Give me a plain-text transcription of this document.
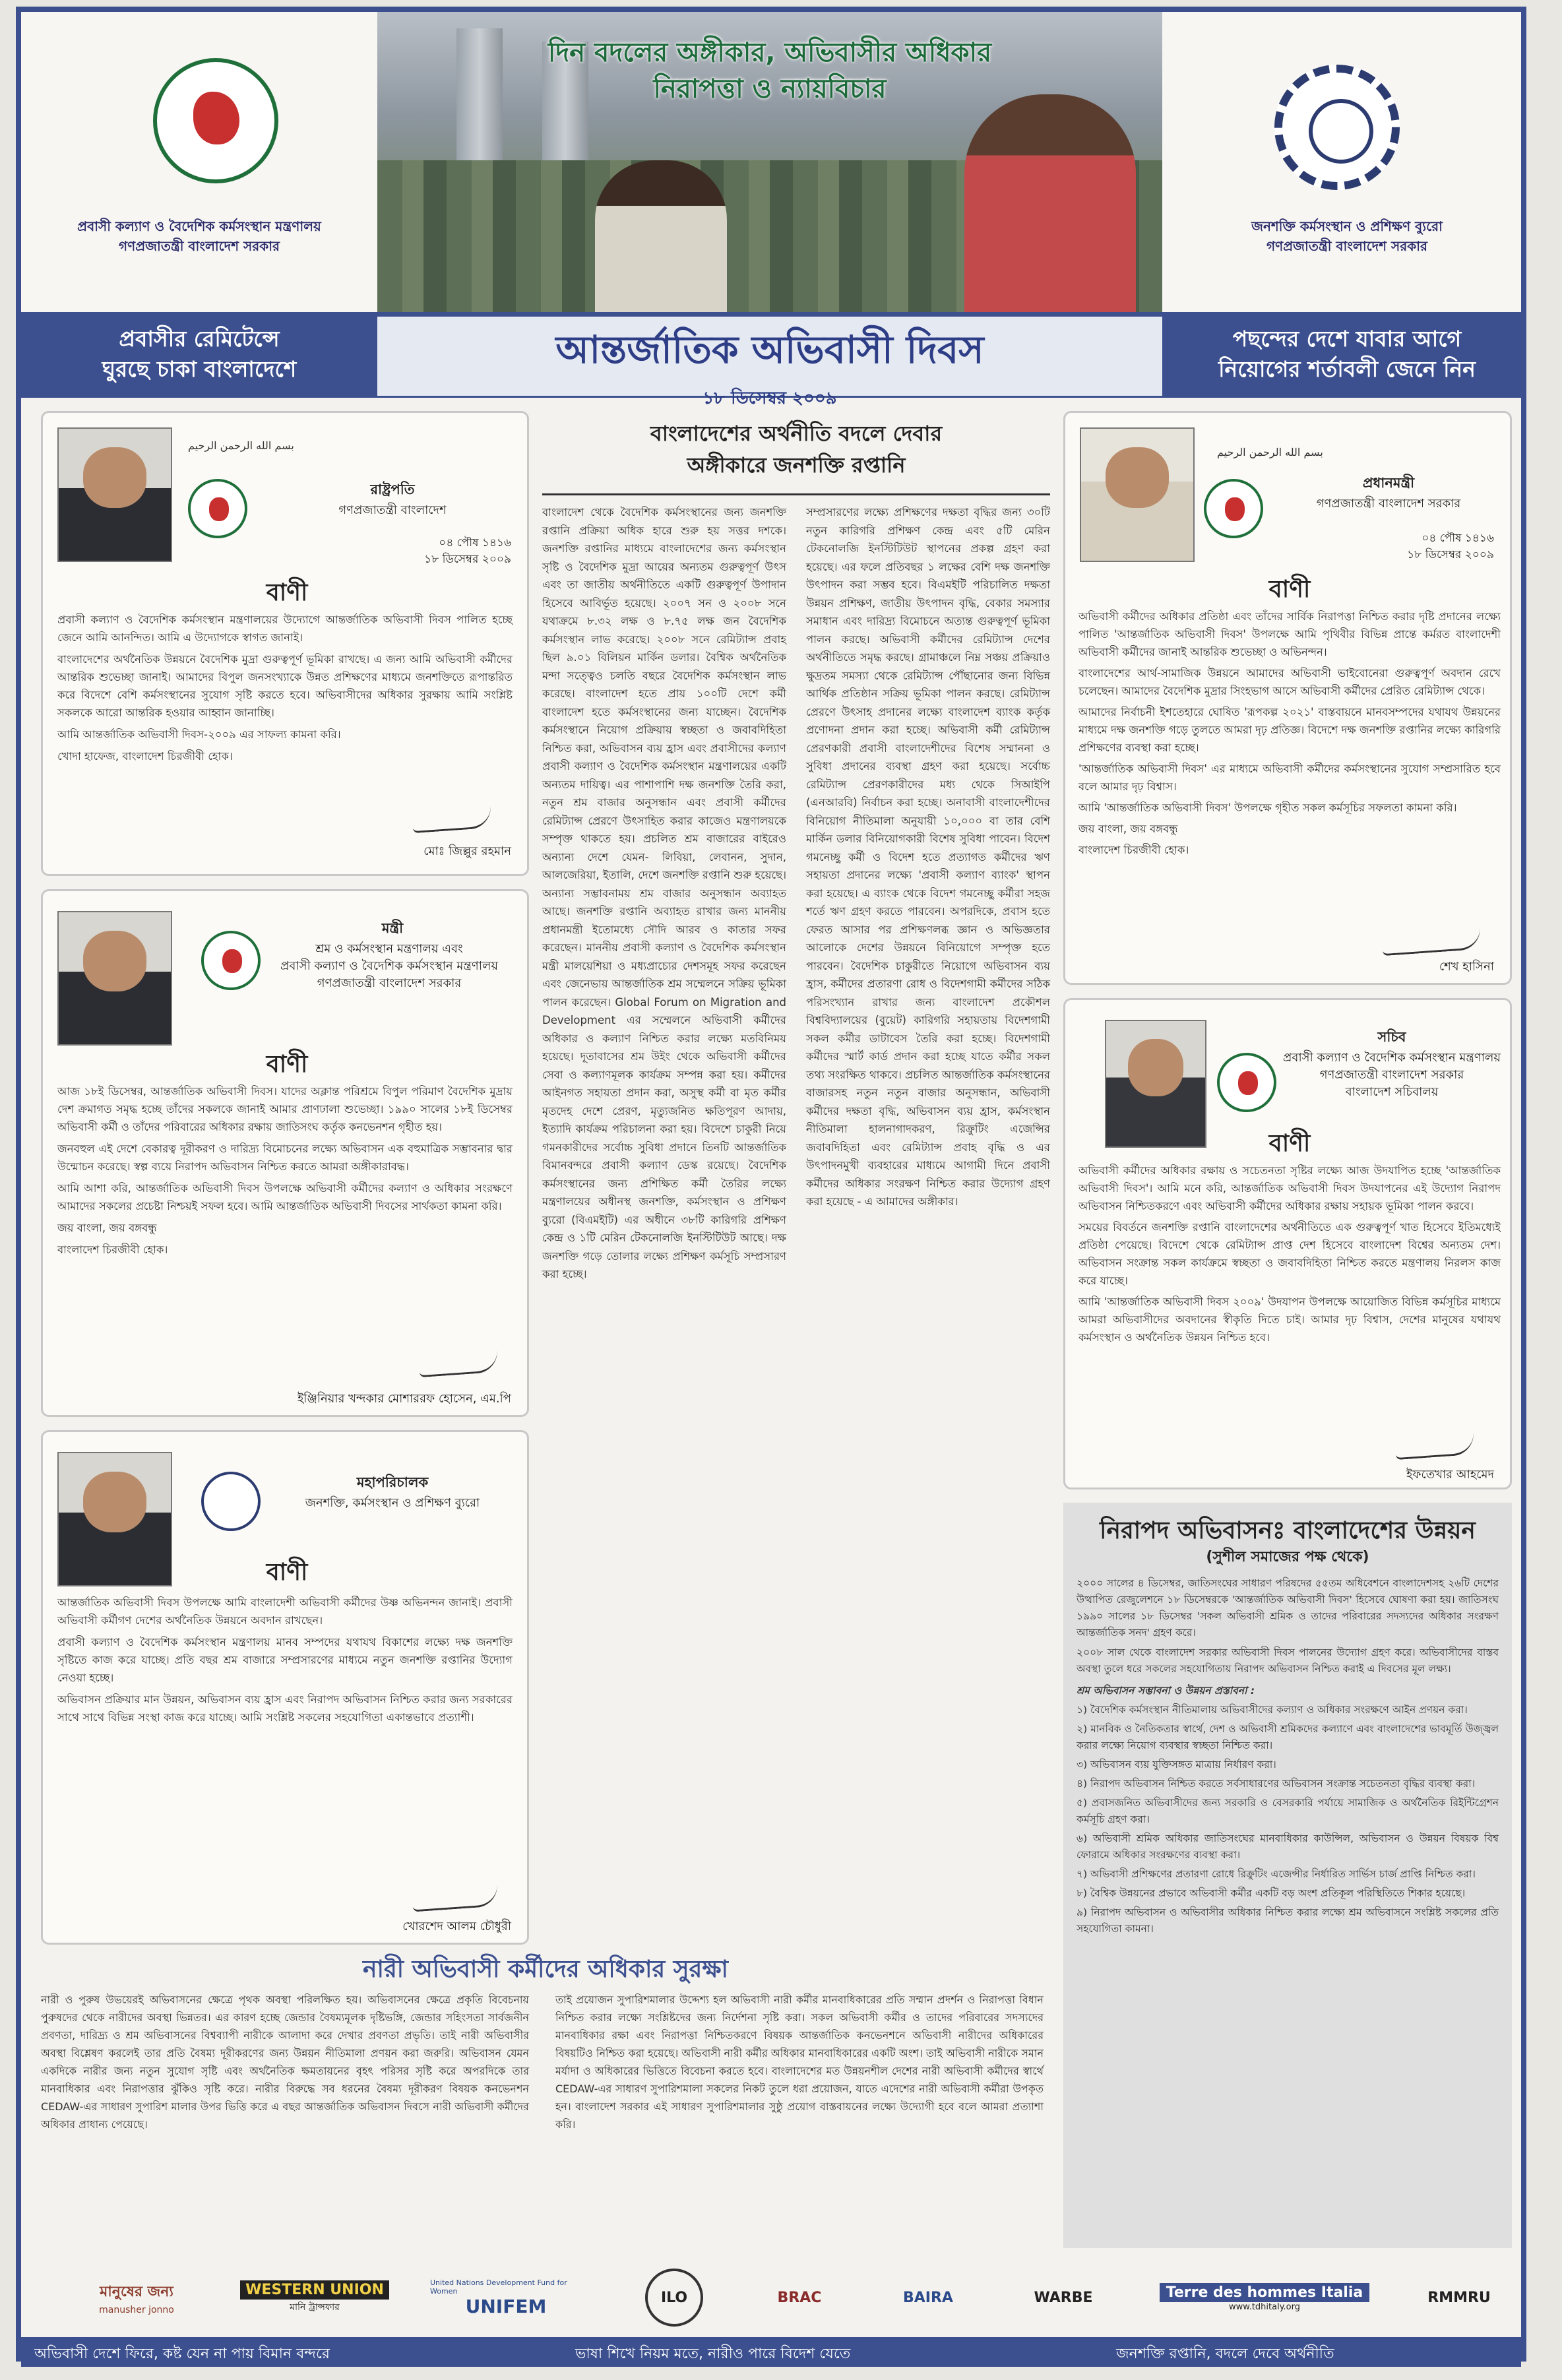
প্রবাসী কল্যাণ ও বৈদেশিক কর্মসংস্থান মন্ত্রণালয়
গণপ্রজাতন্ত্রী বাংলাদেশ সরকার
দিন বদলের অঙ্গীকার, অভিবাসীর অধিকার
নিরাপত্তা ও ন্যায়বিচার
জনশক্তি কর্মসংস্থান ও প্রশিক্ষণ ব্যুরো
গণপ্রজাতন্ত্রী বাংলাদেশ সরকার
প্রবাসীর রেমিটেন্সে
ঘুরছে চাকা বাংলাদেশে
পছন্দের দেশে যাবার আগে
নিয়োগের শর্তাবলী জেনে নিন
আন্তর্জাতিক অভিবাসী দিবস
১৮ ডিসেম্বর ২০০৯
بسم الله الرحمن الرحيم
রাষ্ট্রপতি
গণপ্রজাতন্ত্রী বাংলাদেশ
০৪ পৌষ ১৪১৬
১৮ ডিসেম্বর ২০০৯
বাণী

প্রবাসী কল্যাণ ও বৈদেশিক কর্মসংস্থান মন্ত্রণালয়ের উদ্যোগে আন্তর্জাতিক অভিবাসী দিবস পালিত হচ্ছে জেনে আমি আনন্দিত। আমি এ উদ্যোগকে স্বাগত জানাই।

বাংলাদেশের অর্থনৈতিক উন্নয়নে বৈদেশিক মুদ্রা গুরুত্বপূর্ণ ভূমিকা রাখছে। এ জন্য আমি অভিবাসী কর্মীদের আন্তরিক শুভেচ্ছা জানাই। আমাদের বিপুল জনসংখ্যাকে উন্নত প্রশিক্ষণের মাধ্যমে জনশক্তিতে রূপান্তরিত করে বিদেশে বেশি কর্মসংস্থানের সুযোগ সৃষ্টি করতে হবে। অভিবাসীদের অধিকার সুরক্ষায় আমি সংশ্লিষ্ট সকলকে আরো আন্তরিক হওয়ার আহ্বান জানাচ্ছি।

আমি আন্তর্জাতিক অভিবাসী দিবস-২০০৯ এর সাফল্য কামনা করি।

খোদা হাফেজ, বাংলাদেশ চিরজীবী হোক।

মোঃ জিল্লুর রহমান
মন্ত্রী
শ্রম ও কর্মসংস্থান মন্ত্রণালয় এবং
প্রবাসী কল্যাণ ও বৈদেশিক কর্মসংস্থান মন্ত্রণালয়
গণপ্রজাতন্ত্রী বাংলাদেশ সরকার
বাণী

আজ ১৮ই ডিসেম্বর, আন্তর্জাতিক অভিবাসী দিবস। যাদের অক্লান্ত পরিশ্রমে বিপুল পরিমাণ বৈদেশিক মুদ্রায় দেশ ক্রমাগত সমৃদ্ধ হচ্ছে তাঁদের সকলকে জানাই আমার প্রাণঢালা শুভেচ্ছা। ১৯৯০ সালের ১৮ই ডিসেম্বর অভিবাসী কর্মী ও তাঁদের পরিবারের অধিকার রক্ষায় জাতিসংঘ কর্তৃক কনভেনশন গৃহীত হয়।

জনবহুল এই দেশে বেকারত্ব দূরীকরণ ও দারিদ্র্য বিমোচনের লক্ষ্যে অভিবাসন এক বহুমাত্রিক সম্ভাবনার দ্বার উন্মোচন করেছে। স্বল্প ব্যয়ে নিরাপদ অভিবাসন নিশ্চিত করতে আমরা অঙ্গীকারাবদ্ধ।

আমি আশা করি, আন্তর্জাতিক অভিবাসী দিবস উপলক্ষে অভিবাসী কর্মীদের কল্যাণ ও অধিকার সংরক্ষণে আমাদের সকলের প্রচেষ্টা নিশ্চয়ই সফল হবে। আমি আন্তর্জাতিক অভিবাসী দিবসের সার্থকতা কামনা করি।

জয় বাংলা, জয় বঙ্গবন্ধু

বাংলাদেশ চিরজীবী হোক।

ইঞ্জিনিয়ার খন্দকার মোশাররফ হোসেন, এম.পি
মহাপরিচালক
জনশক্তি, কর্মসংস্থান ও প্রশিক্ষণ ব্যুরো
বাণী

আন্তর্জাতিক অভিবাসী দিবস উপলক্ষে আমি বাংলাদেশী অভিবাসী কর্মীদের উষ্ণ অভিনন্দন জানাই। প্রবাসী অভিবাসী কর্মীগণ দেশের অর্থনৈতিক উন্নয়নে অবদান রাখছেন।

প্রবাসী কল্যাণ ও বৈদেশিক কর্মসংস্থান মন্ত্রণালয় মানব সম্পদের যথাযথ বিকাশের লক্ষ্যে দক্ষ জনশক্তি সৃষ্টিতে কাজ করে যাচ্ছে। প্রতি বছর শ্রম বাজারে সম্প্রসারণের মাধ্যমে নতুন জনশক্তি রপ্তানির উদ্যোগ নেওয়া হচ্ছে।

অভিবাসন প্রক্রিয়ার মান উন্নয়ন, অভিবাসন ব্যয় হ্রাস এবং নিরাপদ অভিবাসন নিশ্চিত করার জন্য সরকারের সাথে সাথে বিভিন্ন সংস্থা কাজ করে যাচ্ছে। আমি সংশ্লিষ্ট সকলের সহযোগিতা একান্তভাবে প্রত্যাশী।

খোরশেদ আলম চৌধুরী
বাংলাদেশের অর্থনীতি বদলে দেবার
অঙ্গীকারে জনশক্তি রপ্তানি
বাংলাদেশ থেকে বৈদেশিক কর্মসংস্থানের জন্য জনশক্তি রপ্তানি প্রক্রিয়া অধিক হারে শুরু হয় সত্তর দশকে। জনশক্তি রপ্তানির মাধ্যমে বাংলাদেশের জন্য কর্মসংস্থান সৃষ্টি ও বৈদেশিক মুদ্রা আয়ের অন্যতম গুরুত্বপূর্ণ উৎস এবং তা জাতীয় অর্থনীতিতে একটি গুরুত্বপূর্ণ উপাদান হিসেবে আবির্ভূত হয়েছে। ২০০৭ সন ও ২০০৮ সনে যথাক্রমে ৮.৩২ লক্ষ ও ৮.৭৫ লক্ষ জন বৈদেশিক কর্মসংস্থান লাভ করেছে। ২০০৮ সনে রেমিট্যান্স প্রবাহ ছিল ৯.০১ বিলিয়ন মার্কিন ডলার। বৈশ্বিক অর্থনৈতিক মন্দা সত্ত্বেও চলতি বছরে বৈদেশিক কর্মসংস্থান লাভ করেছে। বাংলাদেশ হতে প্রায় ১০০টি দেশে কর্মী বাংলাদেশ হতে কর্মসংস্থানের জন্য যাচ্ছেন। বৈদেশিক কর্মসংস্থানে নিয়োগ প্রক্রিয়ায় স্বচ্ছতা ও জবাবদিহিতা নিশ্চিত করা, অভিবাসন ব্যয় হ্রাস এবং প্রবাসীদের কল্যাণ প্রবাসী কল্যাণ ও বৈদেশিক কর্মসংস্থান মন্ত্রণালয়ের একটি অন্যতম দায়িত্ব। এর পাশাপাশি দক্ষ জনশক্তি তৈরি করা, নতুন শ্রম বাজার অনুসন্ধান এবং প্রবাসী কর্মীদের রেমিট্যান্স প্রেরণে উৎসাহিত করার কাজেও মন্ত্রণালয়কে সম্পৃক্ত থাকতে হয়। প্রচলিত শ্রম বাজারের বাইরেও অন্যান্য দেশে যেমন- লিবিয়া, লেবানন, সুদান, আলজেরিয়া, ইতালি, দেশে জনশক্তি রপ্তানি শুরু হয়েছে। অন্যান্য সম্ভাবনাময় শ্রম বাজার অনুসন্ধান অব্যাহত আছে। জনশক্তি রপ্তানি অব্যাহত রাখার জন্য মাননীয় প্রধানমন্ত্রী ইতোমধ্যে সৌদি আরব ও কাতার সফর করেছেন। মাননীয় প্রবাসী কল্যাণ ও বৈদেশিক কর্মসংস্থান মন্ত্রী মালয়েশিয়া ও মধ্যপ্রাচ্যের দেশসমূহ সফর করেছেন এবং জেনেভায় আন্তর্জাতিক শ্রম সম্মেলনে সক্রিয় ভূমিকা পালন করেছেন। Global Forum on Migration and Development এর সম্মেলনে অভিবাসী কর্মীদের অধিকার ও কল্যাণ নিশ্চিত করার লক্ষ্যে মতবিনিময় হয়েছে। দূতাবাসের শ্রম উইং থেকে অভিবাসী কর্মীদের সেবা ও কল্যাণমূলক কার্যক্রম সম্পন্ন করা হয়। কর্মীদের আইনগত সহায়তা প্রদান করা, অসুস্থ কর্মী বা মৃত কর্মীর মৃতদেহ দেশে প্রেরণ, মৃত্যুজনিত ক্ষতিপূরণ আদায়, ইত্যাদি কার্যক্রম পরিচালনা করা হয়। বিদেশে চাকুরী নিয়ে গমনকারীদের সর্বোচ্চ সুবিধা প্রদানে তিনটি আন্তর্জাতিক বিমানবন্দরে প্রবাসী কল্যাণ ডেস্ক রয়েছে। বৈদেশিক কর্মসংস্থানের জন্য প্রশিক্ষিত কর্মী তৈরির লক্ষ্যে মন্ত্রণালয়ের অধীনস্থ জনশক্তি, কর্মসংস্থান ও প্রশিক্ষণ ব্যুরো (বিএমইটি) এর অধীনে ৩৮টি কারিগরি প্রশিক্ষণ কেন্দ্র ও ১টি মেরিন টেকনোলজি ইনস্টিটিউট আছে। দক্ষ জনশক্তি গড়ে তোলার লক্ষ্যে প্রশিক্ষণ কর্মসূচি সম্প্রসারণ করা হচ্ছে।
সম্প্রসারণের লক্ষ্যে প্রশিক্ষণের দক্ষতা বৃদ্ধির জন্য ৩০টি নতুন কারিগরি প্রশিক্ষণ কেন্দ্র এবং ৫টি মেরিন টেকনোলজি ইনস্টিটিউট স্থাপনের প্রকল্প গ্রহণ করা হয়েছে। এর ফলে প্রতিবছর ১ লক্ষের বেশি দক্ষ জনশক্তি উৎপাদন করা সম্ভব হবে। বিএমইটি পরিচালিত দক্ষতা উন্নয়ন প্রশিক্ষণ, জাতীয় উৎপাদন বৃদ্ধি, বেকার সমস্যার সমাধান এবং দারিদ্র্য বিমোচনে অত্যন্ত গুরুত্বপূর্ণ ভূমিকা পালন করছে। অভিবাসী কর্মীদের রেমিট্যান্স দেশের অর্থনীতিতে সমৃদ্ধ করছে। গ্রামাঞ্চলে নিম্ন সঞ্চয় প্রক্রিয়াও ক্ষুদ্রতম সমস্যা থেকে রেমিট্যান্স পৌঁছানোর জন্য বিভিন্ন আর্থিক প্রতিষ্ঠান সক্রিয় ভূমিকা পালন করছে। রেমিট্যান্স প্রেরণে উৎসাহ প্রদানের লক্ষ্যে বাংলাদেশ ব্যাংক কর্তৃক প্রণোদনা প্রদান করা হচ্ছে। অভিবাসী কর্মী রেমিট্যান্স প্রেরণকারী প্রবাসী বাংলাদেশীদের বিশেষ সম্মাননা ও সুবিধা প্রদানের ব্যবস্থা গ্রহণ করা হয়েছে। সর্বোচ্চ রেমিট্যান্স প্রেরণকারীদের মধ্য থেকে সিআইপি (এনআরবি) নির্বাচন করা হচ্ছে। অনাবাসী বাংলাদেশীদের বিনিয়োগ নীতিমালা অনুযায়ী ১০,০০০ বা তার বেশি মার্কিন ডলার বিনিয়োগকারী বিশেষ সুবিধা পাবেন। বিদেশ গমনেচ্ছু কর্মী ও বিদেশ হতে প্রত্যাগত কর্মীদের ঋণ সহায়তা প্রদানের লক্ষ্যে 'প্রবাসী কল্যাণ ব্যাংক' স্থাপন করা হয়েছে। এ ব্যাংক থেকে বিদেশ গমনেচ্ছু কর্মীরা সহজ শর্তে ঋণ গ্রহণ করতে পারবেন। অপরদিকে, প্রবাস হতে ফেরত আসার পর প্রশিক্ষণলব্ধ জ্ঞান ও অভিজ্ঞতার আলোকে দেশের উন্নয়নে বিনিয়োগে সম্পৃক্ত হতে পারবেন। বৈদেশিক চাকুরীতে নিয়োগে অভিবাসন ব্যয় হ্রাস, কর্মীদের প্রতারণা রোধ ও বিদেশগামী কর্মীদের সঠিক পরিসংখ্যান রাখার জন্য বাংলাদেশ প্রকৌশল বিশ্ববিদ্যালয়ের (বুয়েট) কারিগরি সহায়তায় বিদেশগামী সকল কর্মীর ডাটাবেস তৈরি করা হচ্ছে। বিদেশগামী কর্মীদের স্মার্ট কার্ড প্রদান করা হচ্ছে যাতে কর্মীর সকল তথ্য সংরক্ষিত থাকবে। প্রচলিত আন্তর্জাতিক কর্মসংস্থানের বাজারসহ নতুন নতুন বাজার অনুসন্ধান, অভিবাসী কর্মীদের দক্ষতা বৃদ্ধি, অভিবাসন ব্যয় হ্রাস, কর্মসংস্থান নীতিমালা হালনাগাদকরণ, রিক্রুটিং এজেন্সির জবাবদিহিতা এবং রেমিট্যান্স প্রবাহ বৃদ্ধি ও এর উৎপাদনমুখী ব্যবহারের মাধ্যমে আগামী দিনে প্রবাসী কর্মীদের অধিকার সংরক্ষণ নিশ্চিত করার উদ্যোগ গ্রহণ করা হয়েছে - এ আমাদের অঙ্গীকার।
بسم الله الرحمن الرحيم
প্রধানমন্ত্রী
গণপ্রজাতন্ত্রী বাংলাদেশ সরকার
০৪ পৌষ ১৪১৬
১৮ ডিসেম্বর ২০০৯
বাণী

অভিবাসী কর্মীদের অধিকার প্রতিষ্ঠা এবং তাঁদের সার্বিক নিরাপত্তা নিশ্চিত করার দৃষ্টি প্রদানের লক্ষ্যে পালিত 'আন্তর্জাতিক অভিবাসী দিবস' উপলক্ষে আমি পৃথিবীর বিভিন্ন প্রান্তে কর্মরত বাংলাদেশী অভিবাসী কর্মীদের জানাই আন্তরিক শুভেচ্ছা ও অভিনন্দন।

বাংলাদেশের আর্থ-সামাজিক উন্নয়নে আমাদের অভিবাসী ভাইবোনেরা গুরুত্বপূর্ণ অবদান রেখে চলেছেন। আমাদের বৈদেশিক মুদ্রার সিংহভাগ আসে অভিবাসী কর্মীদের প্রেরিত রেমিট্যান্স থেকে।

আমাদের নির্বাচনী ইশতেহারে ঘোষিত 'রূপকল্প ২০২১' বাস্তবায়নে মানবসম্পদের যথাযথ উন্নয়নের মাধ্যমে দক্ষ জনশক্তি গড়ে তুলতে আমরা দৃঢ় প্রতিজ্ঞ। বিদেশে দক্ষ জনশক্তি রপ্তানির লক্ষ্যে কারিগরি প্রশিক্ষণের ব্যবস্থা করা হচ্ছে।

'আন্তর্জাতিক অভিবাসী দিবস' এর মাধ্যমে অভিবাসী কর্মীদের কর্মসংস্থানের সুযোগ সম্প্রসারিত হবে বলে আমার দৃঢ় বিশ্বাস।

আমি 'আন্তর্জাতিক অভিবাসী দিবস' উপলক্ষে গৃহীত সকল কর্মসূচির সফলতা কামনা করি।

জয় বাংলা, জয় বঙ্গবন্ধু

বাংলাদেশ চিরজীবী হোক।

শেখ হাসিনা
সচিব
প্রবাসী কল্যাণ ও বৈদেশিক কর্মসংস্থান মন্ত্রণালয়
গণপ্রজাতন্ত্রী বাংলাদেশ সরকার
বাংলাদেশ সচিবালয়
বাণী

অভিবাসী কর্মীদের অধিকার রক্ষায় ও সচেতনতা সৃষ্টির লক্ষ্যে আজ উদযাপিত হচ্ছে 'আন্তর্জাতিক অভিবাসী দিবস'। আমি মনে করি, আন্তর্জাতিক অভিবাসী দিবস উদযাপনের এই উদ্যোগ নিরাপদ অভিবাসন নিশ্চিতকরণে এবং অভিবাসী কর্মীদের অধিকার রক্ষায় সহায়ক ভূমিকা পালন করবে।

সময়ের বিবর্তনে জনশক্তি রপ্তানি বাংলাদেশের অর্থনীতিতে এক গুরুত্বপূর্ণ খাত হিসেবে ইতিমধ্যেই প্রতিষ্ঠা পেয়েছে। বিদেশে থেকে রেমিট্যান্স প্রাপ্ত দেশ হিসেবে বাংলাদেশ বিশ্বের অন্যতম দেশ। অভিবাসন সংক্রান্ত সকল কার্যক্রমে স্বচ্ছতা ও জবাবদিহিতা নিশ্চিত করতে মন্ত্রণালয় নিরলস কাজ করে যাচ্ছে।

আমি 'আন্তর্জাতিক অভিবাসী দিবস ২০০৯' উদযাপন উপলক্ষে আয়োজিত বিভিন্ন কর্মসূচির মাধ্যমে আমরা অভিবাসীদের অবদানের স্বীকৃতি দিতে চাই। আমার দৃঢ় বিশ্বাস, দেশের মানুষের যথাযথ কর্মসংস্থান ও অর্থনৈতিক উন্নয়ন নিশ্চিত হবে।

ইফতেখার আহমেদ
নিরাপদ অভিবাসনঃ বাংলাদেশের উন্নয়ন
(সুশীল সমাজের পক্ষ থেকে)

২০০০ সালের ৪ ডিসেম্বর, জাতিসংঘের সাধারণ পরিষদের ৫৫তম অধিবেশনে বাংলাদেশসহ ২৬টি দেশের উত্থাপিত রেজুলেশনে ১৮ ডিসেম্বরকে 'আন্তর্জাতিক অভিবাসী দিবস' হিসেবে ঘোষণা করা হয়। জাতিসংঘ ১৯৯০ সালের ১৮ ডিসেম্বর 'সকল অভিবাসী শ্রমিক ও তাদের পরিবারের সদস্যদের অধিকার সংরক্ষণ আন্তর্জাতিক সনদ' গ্রহণ করে।

২০০৮ সাল থেকে বাংলাদেশ সরকার অভিবাসী দিবস পালনের উদ্যোগ গ্রহণ করে। অভিবাসীদের বাস্তব অবস্থা তুলে ধরে সকলের সহযোগিতায় নিরাপদ অভিবাসন নিশ্চিত করাই এ দিবসের মূল লক্ষ্য।

শ্রম অভিবাসন সম্ভাবনা ও উন্নয়ন প্রস্তাবনা :

১) বৈদেশিক কর্মসংস্থান নীতিমালায় অভিবাসীদের কল্যাণ ও অধিকার সংরক্ষণে আইন প্রণয়ন করা।

২) মানবিক ও নৈতিকতার স্বার্থে, দেশ ও অভিবাসী শ্রমিকদের কল্যাণে এবং বাংলাদেশের ভাবমূর্তি উজ্জ্বল করার লক্ষ্যে নিয়োগ ব্যবস্থার স্বচ্ছতা নিশ্চিত করা।

৩) অভিবাসন ব্যয় যুক্তিসঙ্গত মাত্রায় নির্ধারণ করা।

৪) নিরাপদ অভিবাসন নিশ্চিত করতে সর্বসাধারণের অভিবাসন সংক্রান্ত সচেতনতা বৃদ্ধির ব্যবস্থা করা।

৫) প্রবাসজনিত অভিবাসীদের জন্য সরকারি ও বেসরকারি পর্যায়ে সামাজিক ও অর্থনৈতিক রিইন্টিগ্রেশন কর্মসূচি গ্রহণ করা।

৬) অভিবাসী শ্রমিক অধিকার জাতিসংঘের মানবাধিকার কাউন্সিল, অভিবাসন ও উন্নয়ন বিষয়ক বিশ্ব ফোরামে অধিকার সংরক্ষণের ব্যবস্থা করা।

৭) অভিবাসী প্রশিক্ষণের প্রতারণা রোধে রিক্রুটিং এজেন্সীর নির্ধারিত সার্ভিস চার্জ প্রাপ্তি নিশ্চিত করা।

৮) বৈশ্বিক উন্নয়নের প্রভাবে অভিবাসী কর্মীর একটি বড় অংশ প্রতিকূল পরিস্থিতিতে শিকার হয়েছে।

৯) নিরাপদ অভিবাসন ও অভিবাসীর অধিকার নিশ্চিত করার লক্ষ্যে শ্রম অভিবাসনে সংশ্লিষ্ট সকলের প্রতি সহযোগিতা কামনা।

নারী অভিবাসী কর্মীদের অধিকার সুরক্ষা
নারী ও পুরুষ উভয়েরই অভিবাসনের ক্ষেত্রে পৃথক অবস্থা পরিলক্ষিত হয়। অভিবাসনের ক্ষেত্রে প্রকৃতি বিবেচনায় পুরুষদের থেকে নারীদের অবস্থা ভিন্নতর। এর কারণ হচ্ছে জেন্ডার বৈষম্যমূলক দৃষ্টিভঙ্গি, জেন্ডার সহিংসতা সার্বজনীন প্রবণতা, দারিদ্র্য ও শ্রম অভিবাসনের বিশ্বব্যাপী নারীকে আলাদা করে দেখার প্রবণতা প্রভৃতি। তাই নারী অভিবাসীর অবস্থা বিশ্লেষণ করলেই তার প্রতি বৈষম্য দূরীকরণের জন্য উন্নয়ন নীতিমালা প্রণয়ন করা জরুরি। অভিবাসন যেমন একদিকে নারীর জন্য নতুন সুযোগ সৃষ্টি এবং অর্থনৈতিক ক্ষমতায়নের বৃহৎ পরিসর সৃষ্টি করে অপরদিকে তার মানবাধিকার এবং নিরাপত্তার ঝুঁকিও সৃষ্টি করে। নারীর বিরুদ্ধে সব ধরনের বৈষম্য দূরীকরণ বিষয়ক কনভেনশন CEDAW-এর সাধারণ সুপারিশ মালার উপর ভিত্তি করে এ বছর আন্তর্জাতিক অভিবাসন দিবসে নারী অভিবাসী কর্মীদের অধিকার প্রাধান্য পেয়েছে।
তাই প্রয়োজন সুপারিশমালার উদ্দেশ্য হল অভিবাসী নারী কর্মীর মানবাধিকারের প্রতি সম্মান প্রদর্শন ও নিরাপত্তা বিধান নিশ্চিত করার লক্ষ্যে সংশ্লিষ্টদের জন্য নির্দেশনা সৃষ্টি করা। সকল অভিবাসী কর্মীর ও তাদের পরিবারের সদস্যদের মানবাধিকার রক্ষা এবং নিরাপত্তা নিশ্চিতকরণে বিষয়ক আন্তর্জাতিক কনভেনশনে অভিবাসী নারীদের অধিকারের বিষয়টিও নিশ্চিত করা হয়েছে। অভিবাসী নারী কর্মীর অধিকার মানবাধিকারের একটি অংশ। তাই অভিবাসী নারীকে সমান মর্যাদা ও অধিকারের ভিত্তিতে বিবেচনা করতে হবে। বাংলাদেশের মত উন্নয়নশীল দেশের নারী অভিবাসী কর্মীদের স্বার্থে CEDAW-এর সাধারণ সুপারিশমালা সকলের নিকট তুলে ধরা প্রয়োজন, যাতে এদেশের নারী অভিবাসী কর্মীরা উপকৃত হন। বাংলাদেশ সরকার এই সাধারণ সুপারিশমালার সুষ্ঠু প্রয়োগ বাস্তবায়নের লক্ষ্যে উদ্যোগী হবে বলে আমরা প্রত্যাশা করি।
মানুষের জন্য
manusher jonno
WESTERN UNION
মানি ট্রান্সফার
United Nations Development Fund for Women
UNIFEM	ILO	BRAC	BAIRA	WARBE	Terre des hommes Italia
www.tdhitaly.org
RMMRU
অভিবাসী দেশে ফিরে, কষ্ট যেন না পায় বিমান বন্দরে	ভাষা শিখে নিয়ম মতে, নারীও পারে বিদেশ যেতে	জনশক্তি রপ্তানি, বদলে দেবে অর্থনীতি
